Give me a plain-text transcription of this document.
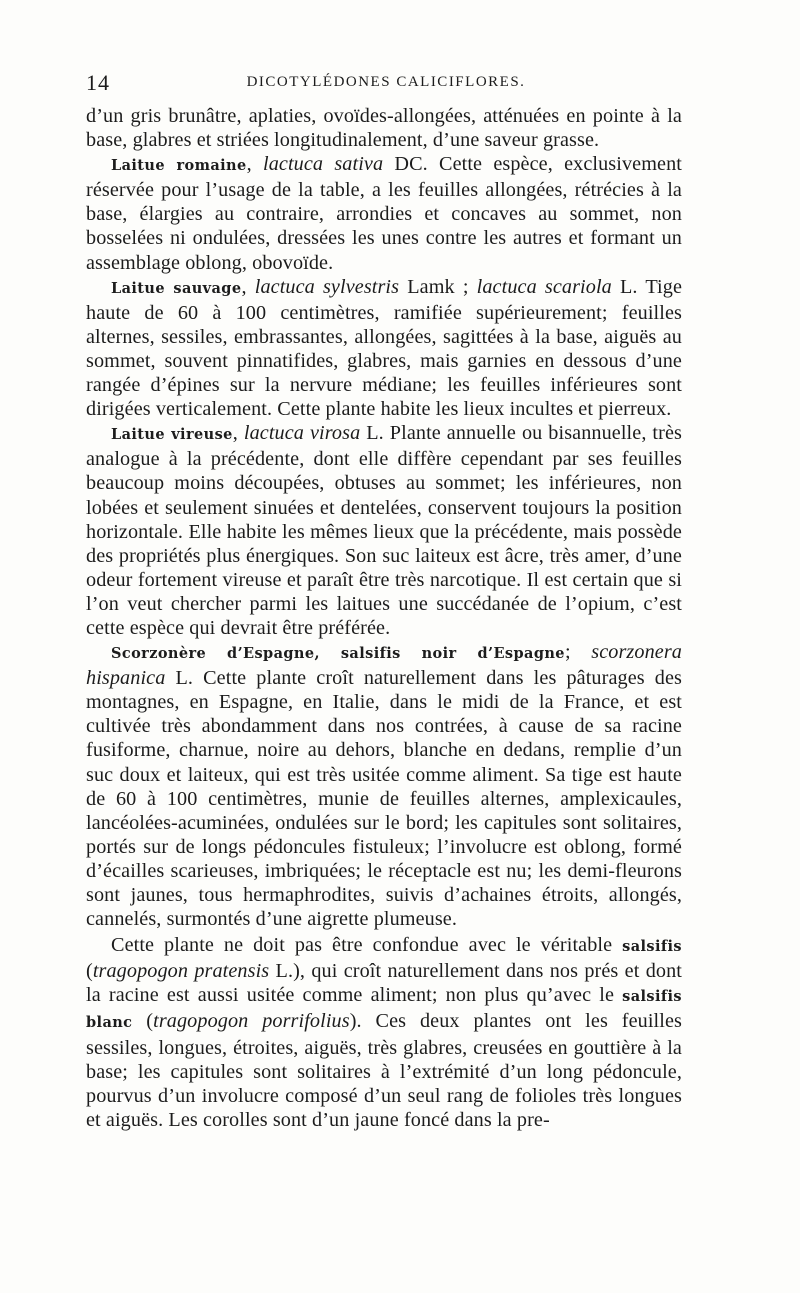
14	DICOTYLÉDONES CALICIFLORES.

d’un gris brunâtre, aplaties, ovoïdes-allongées, atténuées en pointe à la base, glabres et striées longitudinalement, d’une saveur grasse.

Laitue romaine, lactuca sativa DC. Cette espèce, exclusivement réservée pour l’usage de la table, a les feuilles allongées, rétrécies à la base, élargies au contraire, arrondies et concaves au sommet, non bosselées ni ondulées, dressées les unes contre les autres et formant un assemblage oblong, obovoïde.

Laitue sauvage, lactuca sylvestris Lamk ; lactuca scariola L. Tige haute de 60 à 100 centimètres, ramifiée supérieurement; feuilles alternes, sessiles, embrassantes, allongées, sagittées à la base, aiguës au sommet, souvent pinnatifides, glabres, mais garnies en dessous d’une rangée d’épines sur la nervure médiane; les feuilles inférieures sont dirigées verticalement. Cette plante habite les lieux incultes et pierreux.

Laitue vireuse, lactuca virosa L. Plante annuelle ou bisannuelle, très analogue à la précédente, dont elle diffère cependant par ses feuilles beaucoup moins découpées, obtuses au sommet; les inférieures, non lobées et seulement sinuées et dentelées, conservent toujours la position horizontale. Elle habite les mêmes lieux que la précédente, mais possède des propriétés plus énergiques. Son suc laiteux est âcre, très amer, d’une odeur fortement vireuse et paraît être très narcotique. Il est certain que si l’on veut chercher parmi les laitues une succédanée de l’opium, c’est cette espèce qui devrait être préférée.

Scorzonère d’Espagne, salsifis noir d’Espagne; scorzonera hispanica L. Cette plante croît naturellement dans les pâturages des montagnes, en Espagne, en Italie, dans le midi de la France, et est cultivée très abondamment dans nos contrées, à cause de sa racine fusiforme, charnue, noire au dehors, blanche en dedans, remplie d’un suc doux et laiteux, qui est très usitée comme aliment. Sa tige est haute de 60 à 100 centimètres, munie de feuilles alternes, amplexicaules, lancéolées-acuminées, ondulées sur le bord; les capitules sont solitaires, portés sur de longs pédoncules fistuleux; l’involucre est oblong, formé d’écailles scarieuses, imbriquées; le réceptacle est nu; les demi-fleurons sont jaunes, tous hermaphrodites, suivis d’achaines étroits, allongés, cannelés, surmontés d’une aigrette plumeuse.

Cette plante ne doit pas être confondue avec le véritable salsifis (tragopogon pratensis L.), qui croît naturellement dans nos prés et dont la racine est aussi usitée comme aliment; non plus qu’avec le salsifis blanc (tragopogon porrifolius). Ces deux plantes ont les feuilles sessiles, longues, étroites, aiguës, très glabres, creusées en gouttière à la base; les capitules sont solitaires à l’extrémité d’un long pédoncule, pourvus d’un involucre composé d’un seul rang de folioles très longues et aiguës. Les corolles sont d’un jaune foncé dans la pre-
